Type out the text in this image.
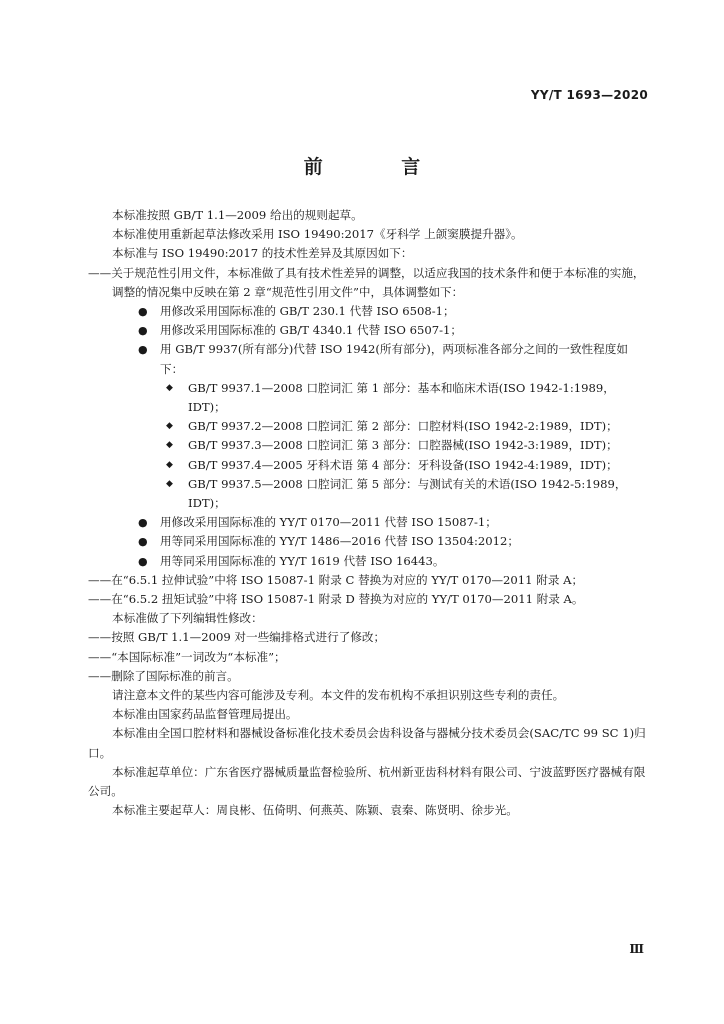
YY/T 1693—2020
前 言

本标准按照 GB/T 1.1—2009 给出的规则起草。

本标准使用重新起草法修改采用 ISO 19490:2017《牙科学 上颌窦膜提升器》。

本标准与 ISO 19490:2017 的技术性差异及其原因如下：

——关于规范性引用文件，本标准做了具有技术性差异的调整，以适应我国的技术条件和便于本标准的实施，调整的情况集中反映在第 2 章“规范性引用文件”中，具体调整如下：

● 用修改采用国际标准的 GB/T 230.1 代替 ISO 6508-1；

● 用修改采用国际标准的 GB/T 4340.1 代替 ISO 6507-1；

● 用 GB/T 9937(所有部分)代替 ISO 1942(所有部分)，两项标准各部分之间的一致性程度如下：

◆ GB/T 9937.1—2008 口腔词汇 第 1 部分：基本和临床术语(ISO 1942-1:1989，IDT)；

◆ GB/T 9937.2—2008 口腔词汇 第 2 部分：口腔材料(ISO 1942-2:1989，IDT)；

◆ GB/T 9937.3—2008 口腔词汇 第 3 部分：口腔器械(ISO 1942-3:1989，IDT)；

◆ GB/T 9937.4—2005 牙科术语 第 4 部分：牙科设备(ISO 1942-4:1989，IDT)；

◆ GB/T 9937.5—2008 口腔词汇 第 5 部分：与测试有关的术语(ISO 1942-5:1989，IDT)；

● 用修改采用国际标准的 YY/T 0170—2011 代替 ISO 15087-1；

● 用等同采用国际标准的 YY/T 1486—2016 代替 ISO 13504:2012；

● 用等同采用国际标准的 YY/T 1619 代替 ISO 16443。

——在“6.5.1 拉伸试验”中将 ISO 15087-1 附录 C 替换为对应的 YY/T 0170—2011 附录 A；

——在“6.5.2 扭矩试验”中将 ISO 15087-1 附录 D 替换为对应的 YY/T 0170—2011 附录 A。

本标准做了下列编辑性修改：

——按照 GB/T 1.1—2009 对一些编排格式进行了修改；

——“本国际标准”一词改为“本标准”；

——删除了国际标准的前言。

请注意本文件的某些内容可能涉及专利。本文件的发布机构不承担识别这些专利的责任。

本标准由国家药品监督管理局提出。

本标准由全国口腔材料和器械设备标准化技术委员会齿科设备与器械分技术委员会(SAC/TC 99 SC 1)归口。

本标准起草单位：广东省医疗器械质量监督检验所、杭州新亚齿科材料有限公司、宁波蓝野医疗器械有限公司。

本标准主要起草人：周良彬、伍倚明、何燕英、陈颖、袁秦、陈贤明、徐步光。

Ⅲ
